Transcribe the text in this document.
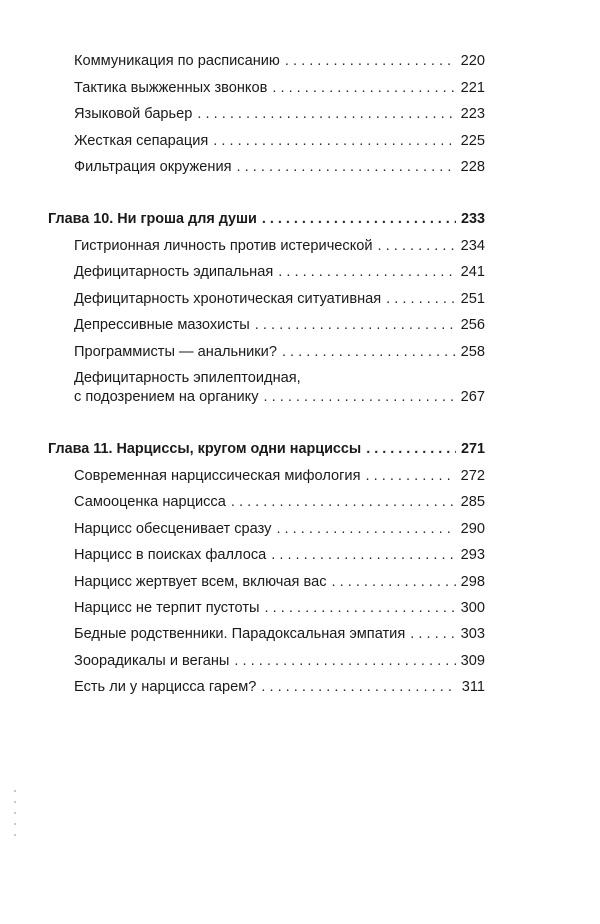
Коммуникация по расписанию . . .	220
Тактика выжженных звонков . . .	221
Языковой барьер . . .	223
Жесткая сепарация . . .	225
Фильтрация окружения . . .	228
Глава 10. Ни гроша для души . . .	233
Гистрионная личность против истерической . . .	234
Дефицитарность эдипальная . . .	241
Дефицитарность хронотическая ситуативная . . .	251
Депрессивные мазохисты . . .	256
Программисты — анальники? . . .	258
Дефицитарность эпилептоидная,
с подозрением на органику . . .	267
Глава 11. Нарциссы, кругом одни нарциссы . . .	271
Современная нарциссическая мифология . . .	272
Самооценка нарцисса . . .	285
Нарцисс обесценивает сразу . . .	290
Нарцисс в поисках фаллоса . . .	293
Нарцисс жертвует всем, включая вас . . .	298
Нарцисс не терпит пустоты . . .	300
Бедные родственники. Парадоксальная эмпатия . . .	303
Зоорадикалы и веганы . . .	309
Есть ли у нарцисса гарем? . . .	311
